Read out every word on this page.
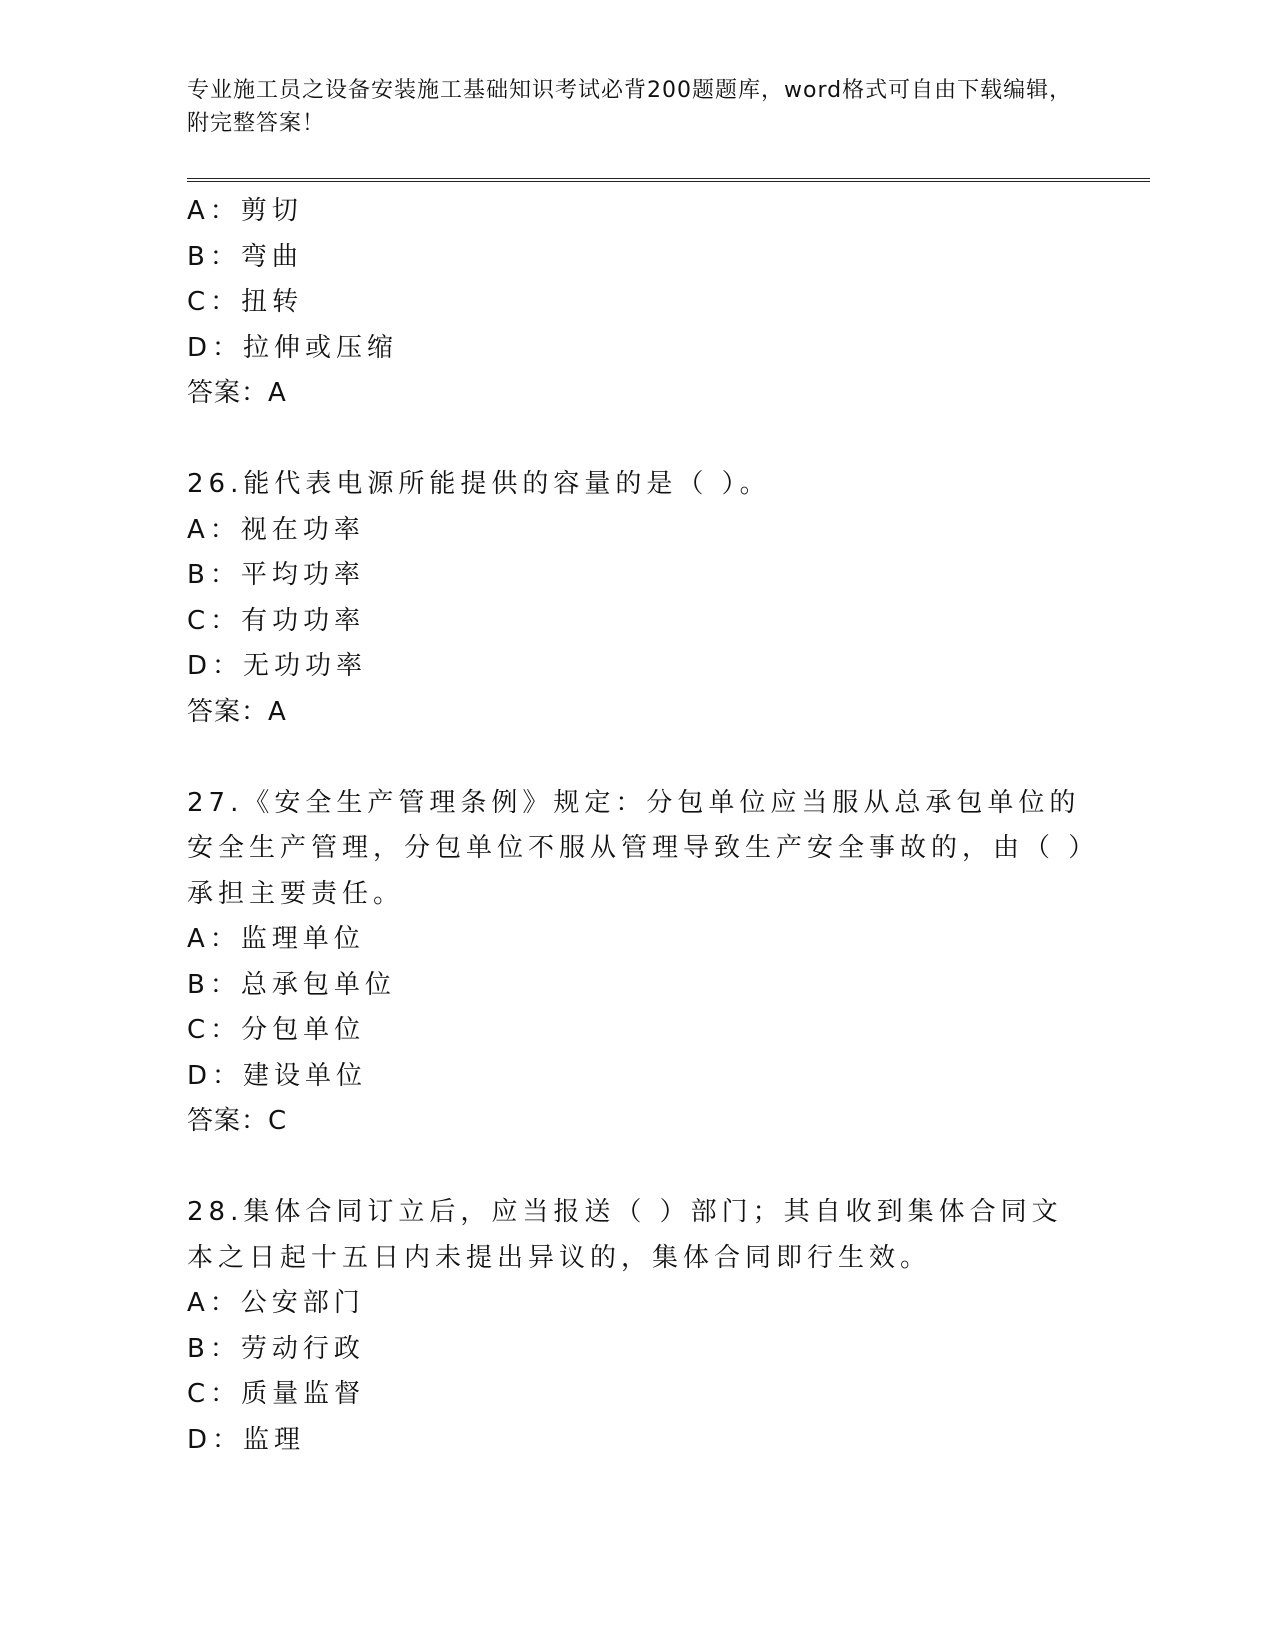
专业施工员之设备安装施工基础知识考试必背200题题库，word格式可自由下载编辑，附完整答案！
A：剪切
B：弯曲
C：扭转
D：拉伸或压缩
答案：A
26.能代表电源所能提供的容量的是（ ）。
A：视在功率
B：平均功率
C：有功功率
D：无功功率
答案：A
27.《安全生产管理条例》规定：分包单位应当服从总承包单位的安全生产管理，分包单位不服从管理导致生产安全事故的，由（ ）承担主要责任。
A：监理单位
B：总承包单位
C：分包单位
D：建设单位
答案：C
28.集体合同订立后，应当报送（ ）部门；其自收到集体合同文本之日起十五日内未提出异议的，集体合同即行生效。
A：公安部门
B：劳动行政
C：质量监督
D：监理
